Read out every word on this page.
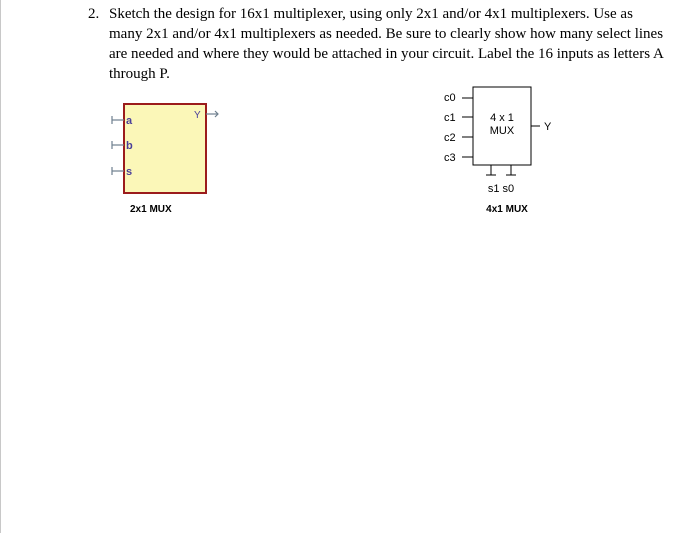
2. Sketch the design for 16x1 multiplexer, using only 2x1 and/or 4x1 multiplexers. Use as many 2x1 and/or 4x1 multiplexers as needed. Be sure to clearly show how many select lines are needed and where they would be attached in your circuit. Label the 16 inputs as letters A through P.
a
b
s
Y
2x1 MUX
c0
c1
c2
c3
4 x 1
MUX	Y
s1 s0
4x1 MUX
